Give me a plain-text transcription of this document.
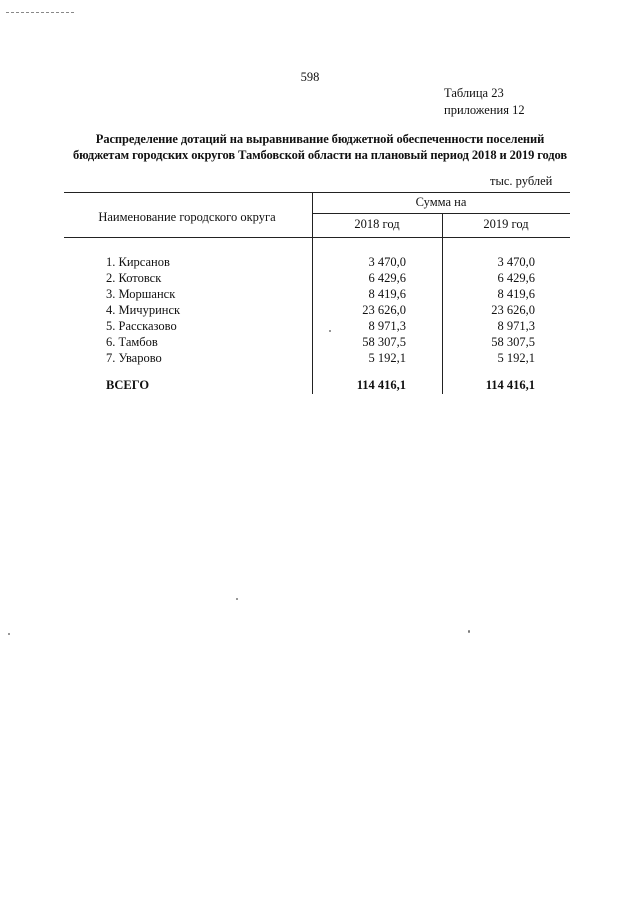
598
Таблица 23
приложения 12
Распределение дотаций на выравнивание бюджетной обеспеченности поселений
бюджетам городских округов Тамбовской области на плановый период 2018 и 2019 годов
тыс. рублей
Наименование городского округа
Сумма на
2018 год	2019 год
1. Кирсанов	3 470,0	3 470,0
2. Котовск	6 429,6	6 429,6
3. Моршанск	8 419,6	8 419,6
4. Мичуринск	23 626,0	23 626,0
5. Рассказово	8 971,3	8 971,3
6. Тамбов	58 307,5	58 307,5
7. Уварово	5 192,1	5 192,1
ВСЕГО	114 416,1	114 416,1
